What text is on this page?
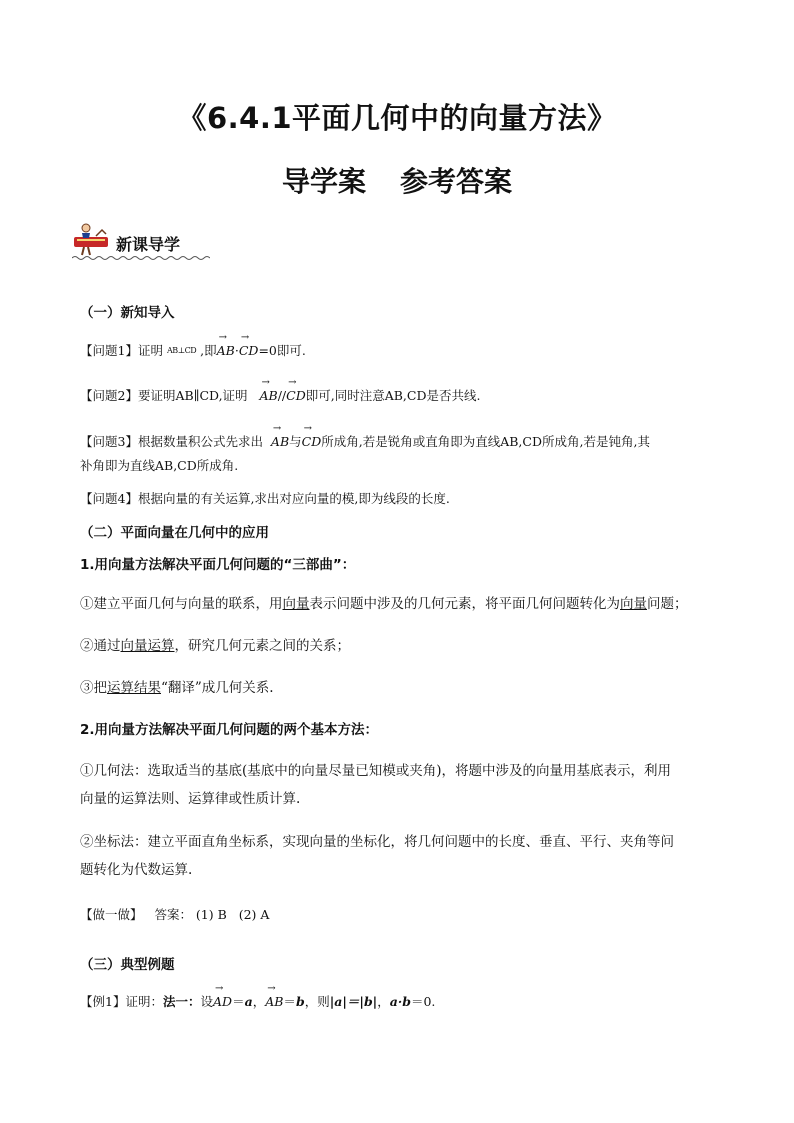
《6.4.1平面几何中的向量方法》
导学案 参考答案
新课导学
（一）新知导入
【问题1】证明 AB⊥CD ,即→ AB·→ CD=0即可.
【问题2】要证明AB∥CD,证明 → AB//→ CD即可,同时注意AB,CD是否共线.
【问题3】根据数量积公式先求出 → AB与→ CD所成角,若是锐角或直角即为直线AB,CD所成角,若是钝角,其
补角即为直线AB,CD所成角.
【问题4】根据向量的有关运算,求出对应向量的模,即为线段的长度.
（二）平面向量在几何中的应用
1.用向量方法解决平面几何问题的“三部曲”：
①建立平面几何与向量的联系，用向量表示问题中涉及的几何元素，将平面几何问题转化为向量问题；
②通过向量运算，研究几何元素之间的关系；
③把运算结果“翻译”成几何关系.
2.用向量方法解决平面几何问题的两个基本方法：
①几何法：选取适当的基底(基底中的向量尽量已知模或夹角)，将题中涉及的向量用基底表示，利用
向量的运算法则、运算律或性质计算.
②坐标法：建立平面直角坐标系，实现向量的坐标化，将几何问题中的长度、垂直、平行、夹角等问
题转化为代数运算.
【做一做】 答案： (1) B   (2) A
（三）典型例题
【例1】证明：法一：设→ AD＝a，→ AB＝b，则|a|＝|b|，a·b＝0.
